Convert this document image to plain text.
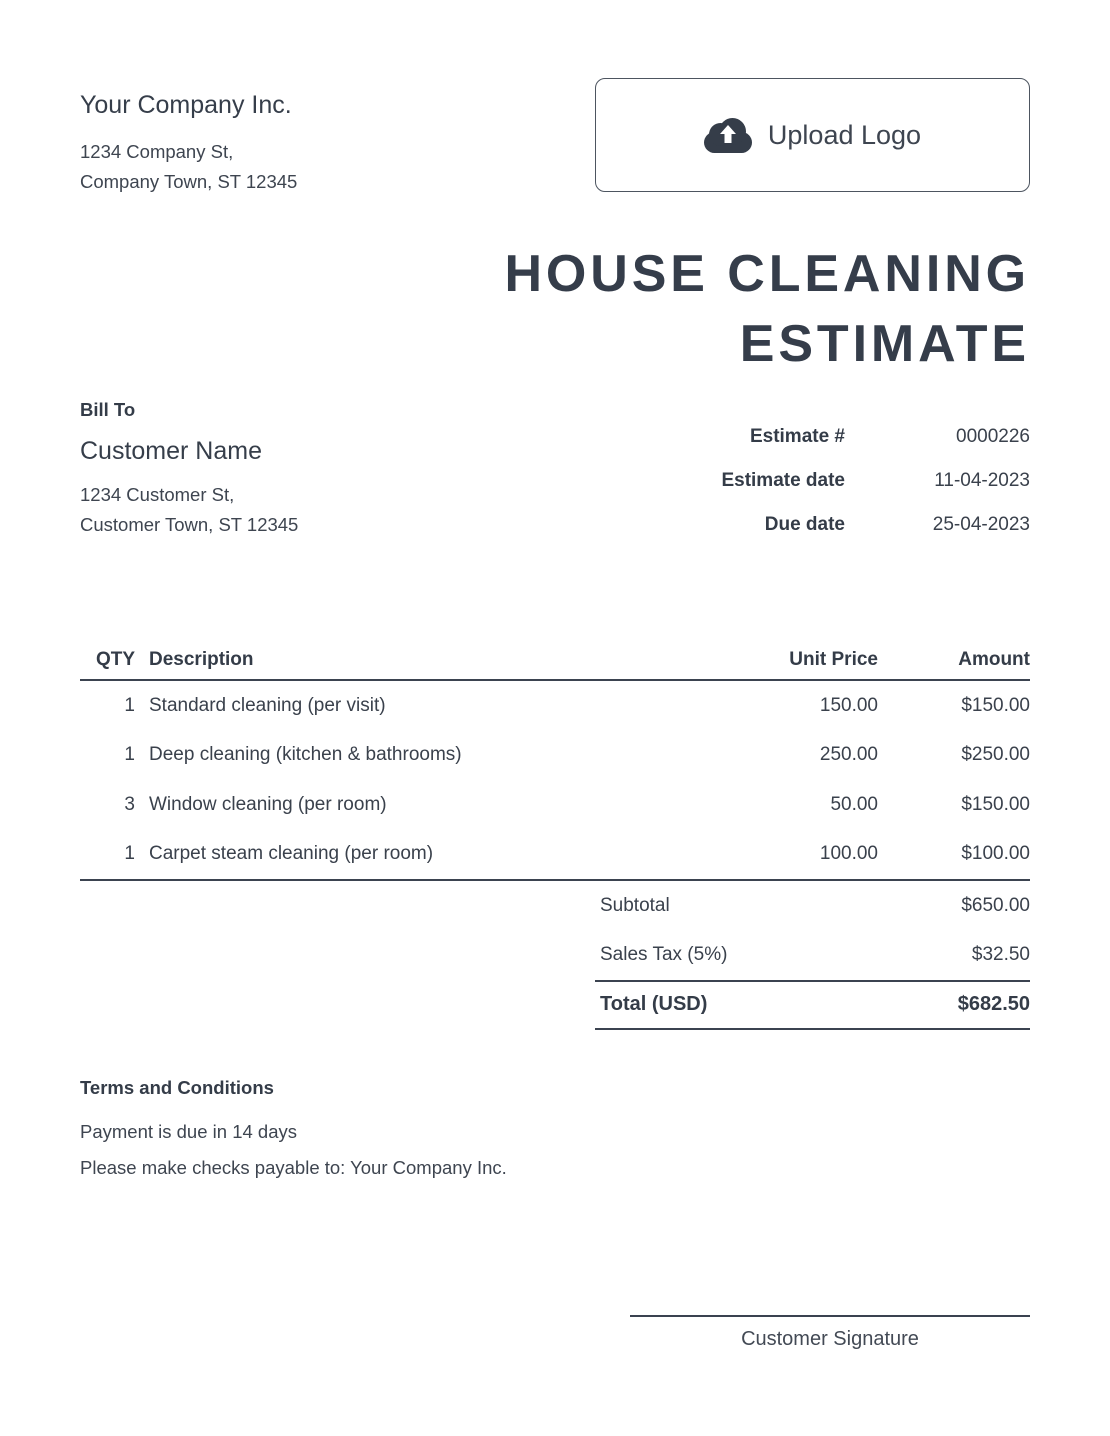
Your Company Inc.
1234 Company St,
Company Town, ST 12345
Upload Logo
HOUSE CLEANING
ESTIMATE
Bill To
Customer Name
1234 Customer St,
Customer Town, ST 12345
Estimate #	0000226
Estimate date	11-04-2023
Due date	25-04-2023
QTY Description	Unit Price	Amount
1 Standard cleaning (per visit)	150.00	$150.00
1 Deep cleaning (kitchen & bathrooms)	250.00	$250.00
3 Window cleaning (per room)	50.00	$150.00
1 Carpet steam cleaning (per room)	100.00	$100.00
Subtotal	$650.00
Sales Tax (5%)	$32.50
Total (USD)	$682.50
Terms and Conditions
Payment is due in 14 days
Please make checks payable to: Your Company Inc.
Customer Signature
